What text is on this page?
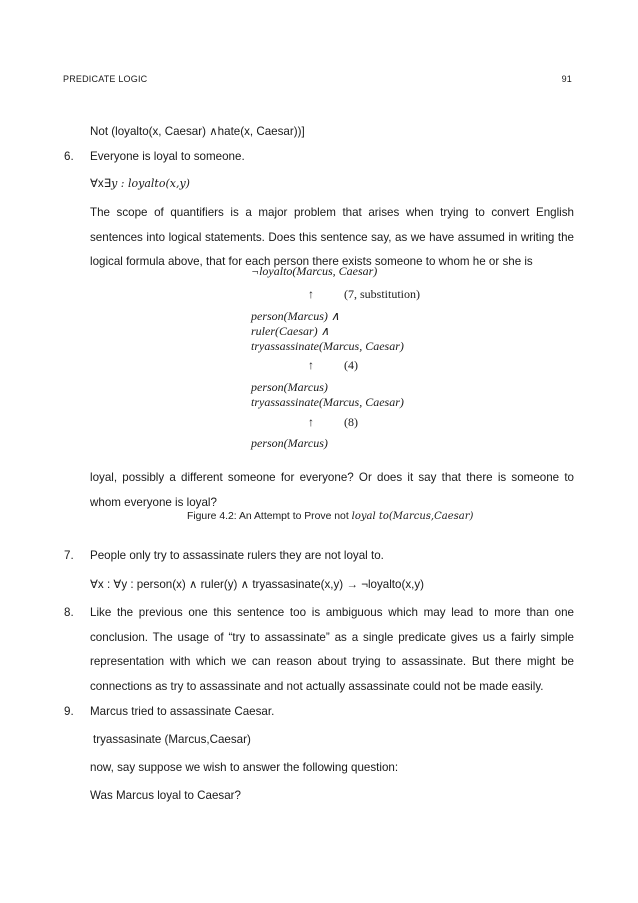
PREDICATE LOGIC	91
Not (loyalto(x, Caesar) ∧hate(x, Caesar))]
6. Everyone is loyal to someone.
∀x∃y : loyalto(x,y)
The scope of quantifiers is a major problem that arises when trying to convert English sentences into logical statements. Does this sentence say, as we have assumed in writing the logical formula above, that for each person there exists someone to whom he or she is
¬loyalto(Marcus, Caesar)
↑	(7, substitution)
person(Marcus) ∧
ruler(Caesar) ∧
tryassassinate(Marcus, Caesar)
↑	(4)
person(Marcus)
tryassassinate(Marcus, Caesar)
↑	(8)
person(Marcus)
loyal, possibly a different someone for everyone? Or does it say that there is someone to whom everyone is loyal?
Figure 4.2: An Attempt to Prove not loyal to(Marcus,Caesar)
7. People only try to assassinate rulers they are not loyal to.
∀x : ∀y : person(x) ∧ ruler(y) ∧ tryassasinate(x,y) → ¬loyalto(x,y)
8. Like the previous one this sentence too is ambiguous which may lead to more than one conclusion. The usage of “try to assassinate” as a single predicate gives us a fairly simple representation with which we can reason about trying to assassinate. But there might be connections as try to assassinate and not actually assassinate could not be made easily.
9. Marcus tried to assassinate Caesar.
tryassasinate (Marcus,Caesar)
now, say suppose we wish to answer the following question:
Was Marcus loyal to Caesar?
